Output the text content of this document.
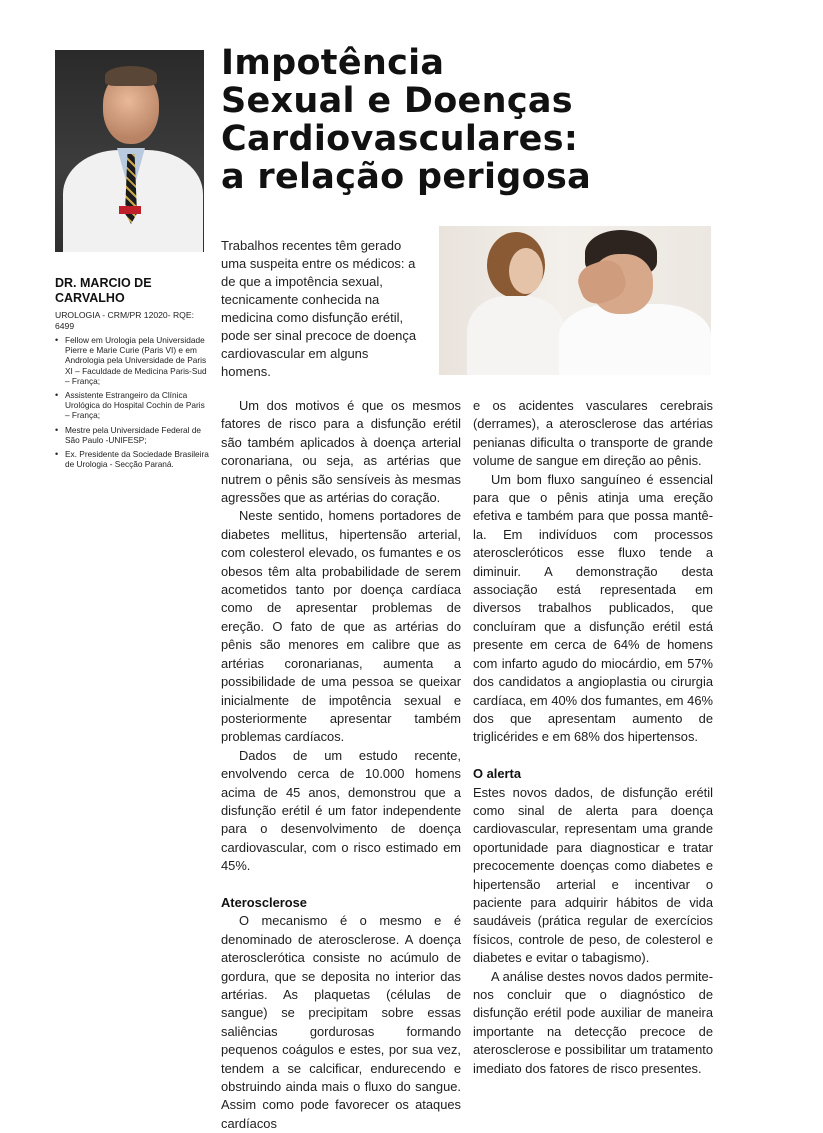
Impotência
Sexual e Doenças
Cardiovasculares:
a relação perigosa
Trabalhos recentes têm gerado uma suspeita entre os médicos: a de que a impotência sexual, tecnicamente conhecida na medicina como disfunção erétil, pode ser sinal precoce de doença cardiovascular em alguns homens.
DR. MARCIO DE CARVALHO
UROLOGIA - CRM/PR 12020- RQE: 6499
• Fellow em Urologia pela Universidade Pierre e Marie Curie (Paris VI) e em Andrologia pela Universidade de Paris XI – Faculdade de Medicina Paris-Sud – França;
• Assistente Estrangeiro da Clínica Urológica do Hospital Cochin de Paris – França;
• Mestre pela Universidade Federal de São Paulo -UNIFESP;
• Ex. Presidente da Sociedade Brasileira de Urologia - Secção Paraná.

Um dos motivos é que os mesmos fatores de risco para a disfunção erétil são também aplicados à doença arterial coronariana, ou seja, as artérias que nutrem o pênis são sensíveis às mesmas agressões que as artérias do coração.

Neste sentido, homens portadores de diabetes mellitus, hipertensão arterial, com colesterol elevado, os fumantes e os obesos têm alta probabilidade de serem acometidos tanto por doença cardíaca como de apresentar problemas de ereção. O fato de que as artérias do pênis são menores em calibre que as artérias coronarianas, aumenta a possibilidade de uma pessoa se queixar inicialmente de impotência sexual e posteriormente apresentar também problemas cardíacos.

Dados de um estudo recente, envolvendo cerca de 10.000 homens acima de 45 anos, demonstrou que a disfunção erétil é um fator independente para o desenvolvimento de doença cardiovascular, com o risco estimado em 45%.

Aterosclerose

O mecanismo é o mesmo e é denominado de aterosclerose. A doença aterosclerótica consiste no acúmulo de gordura, que se deposita no interior das artérias. As plaquetas (células de sangue) se precipitam sobre essas saliências gordurosas formando pequenos coágulos e estes, por sua vez, tendem a se calcificar, endurecendo e obstruindo ainda mais o fluxo do sangue. Assim como pode favorecer os ataques cardíacos

e os acidentes vasculares cerebrais (derrames), a aterosclerose das artérias penianas dificulta o transporte de grande volume de sangue em direção ao pênis.

Um bom fluxo sanguíneo é essencial para que o pênis atinja uma ereção efetiva e também para que possa mantê-la. Em indivíduos com processos ateroscleróticos esse fluxo tende a diminuir. A demonstração desta associação está representada em diversos trabalhos publicados, que concluíram que a disfunção erétil está presente em cerca de 64% de homens com infarto agudo do miocárdio, em 57% dos candidatos a angioplastia ou cirurgia cardíaca, em 40% dos fumantes, em 46% dos que apresentam aumento de triglicérides e em 68% dos hipertensos.

O alerta

Estes novos dados, de disfunção erétil como sinal de alerta para doença cardiovascular, representam uma grande oportunidade para diagnosticar e tratar precocemente doenças como diabetes e hipertensão arterial e incentivar o paciente para adquirir hábitos de vida saudáveis (prática regular de exercícios físicos, controle de peso, de colesterol e diabetes e evitar o tabagismo).

A análise destes novos dados permite-nos concluir que o diagnóstico de disfunção erétil pode auxiliar de maneira importante na detecção precoce de aterosclerose e possibilitar um tratamento imediato dos fatores de risco presentes.
